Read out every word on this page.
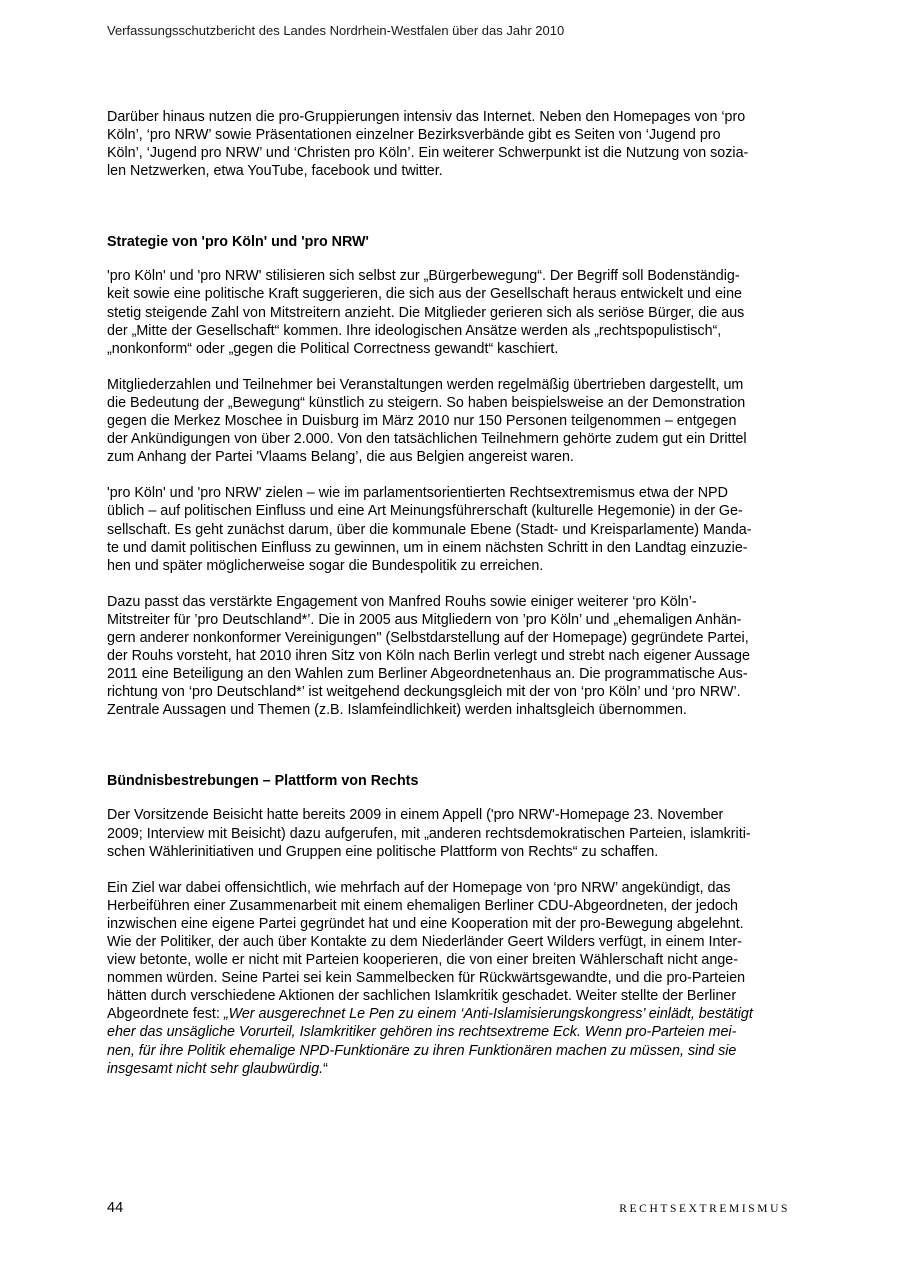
Verfassungsschutzbericht des Landes Nordrhein-Westfalen über das Jahr 2010

Darüber hinaus nutzen die pro-Gruppierungen intensiv das Internet. Neben den Homepages von ‘pro
Köln’, ‘pro NRW’ sowie Präsentationen einzelner Bezirksverbände gibt es Seiten von ‘Jugend pro
Köln’, ‘Jugend pro NRW’ und ‘Christen pro Köln’. Ein weiterer Schwerpunkt ist die Nutzung von sozia-
len Netzwerken, etwa YouTube, facebook und twitter.

Strategie von 'pro Köln' und 'pro NRW'

'pro Köln' und 'pro NRW' stilisieren sich selbst zur „Bürgerbewegung“. Der Begriff soll Bodenständig-
keit sowie eine politische Kraft suggerieren, die sich aus der Gesellschaft heraus entwickelt und eine
stetig steigende Zahl von Mitstreitern anzieht. Die Mitglieder gerieren sich als seriöse Bürger, die aus
der „Mitte der Gesellschaft“ kommen. Ihre ideologischen Ansätze werden als „rechtspopulistisch“,
„nonkonform“ oder „gegen die Political Correctness gewandt“ kaschiert.

Mitgliederzahlen und Teilnehmer bei Veranstaltungen werden regelmäßig übertrieben dargestellt, um
die Bedeutung der „Bewegung“ künstlich zu steigern. So haben beispielsweise an der Demonstration
gegen die Merkez Moschee in Duisburg im März 2010 nur 150 Personen teilgenommen – entgegen
der Ankündigungen von über 2.000. Von den tatsächlichen Teilnehmern gehörte zudem gut ein Drittel
zum Anhang der Partei 'Vlaams Belang’, die aus Belgien angereist waren.

'pro Köln' und 'pro NRW' zielen – wie im parlamentsorientierten Rechtsextremismus etwa der NPD
üblich – auf politischen Einfluss und eine Art Meinungsführerschaft (kulturelle Hegemonie) in der Ge-
sellschaft. Es geht zunächst darum, über die kommunale Ebene (Stadt- und Kreisparlamente) Manda-
te und damit politischen Einfluss zu gewinnen, um in einem nächsten Schritt in den Landtag einzuzie-
hen und später möglicherweise sogar die Bundespolitik zu erreichen.

Dazu passt das verstärkte Engagement von Manfred Rouhs sowie einiger weiterer ‘pro Köln’-
Mitstreiter für ’pro Deutschland*’. Die in 2005 aus Mitgliedern von ’pro Köln’ und „ehemaligen Anhän-
gern anderer nonkonformer Vereinigungen" (Selbstdarstellung auf der Homepage) gegründete Partei,
der Rouhs vorsteht, hat 2010 ihren Sitz von Köln nach Berlin verlegt und strebt nach eigener Aussage
2011 eine Beteiligung an den Wahlen zum Berliner Abgeordnetenhaus an. Die programmatische Aus-
richtung von ‘pro Deutschland*’ ist weitgehend deckungsgleich mit der von ‘pro Köln’ und ‘pro NRW’.
Zentrale Aussagen und Themen (z.B. Islamfeindlichkeit) werden inhaltsgleich übernommen.

Bündnisbestrebungen – Plattform von Rechts

Der Vorsitzende Beisicht hatte bereits 2009 in einem Appell ('pro NRW'-Homepage 23. November
2009; Interview mit Beisicht) dazu aufgerufen, mit „anderen rechtsdemokratischen Parteien, islamkriti-
schen Wählerinitiativen und Gruppen eine politische Plattform von Rechts“ zu schaffen.

Ein Ziel war dabei offensichtlich, wie mehrfach auf der Homepage von ‘pro NRW’ angekündigt, das
Herbeiführen einer Zusammenarbeit mit einem ehemaligen Berliner CDU-Abgeordneten, der jedoch
inzwischen eine eigene Partei gegründet hat und eine Kooperation mit der pro-Bewegung abgelehnt.
Wie der Politiker, der auch über Kontakte zu dem Niederländer Geert Wilders verfügt, in einem Inter-
view betonte, wolle er nicht mit Parteien kooperieren, die von einer breiten Wählerschaft nicht ange-
nommen würden. Seine Partei sei kein Sammelbecken für Rückwärtsgewandte, und die pro-Parteien
hätten durch verschiedene Aktionen der sachlichen Islamkritik geschadet. Weiter stellte der Berliner
Abgeordnete fest: „Wer ausgerechnet Le Pen zu einem ‘Anti-Islamisierungskongress’ einlädt, bestätigt
eher das unsägliche Vorurteil, Islamkritiker gehören ins rechtsextreme Eck. Wenn pro-Parteien mei-
nen, für ihre Politik ehemalige NPD-Funktionäre zu ihren Funktionären machen zu müssen, sind sie
insgesamt nicht sehr glaubwürdig.“

44	RECHTSEXTREMISMUS
